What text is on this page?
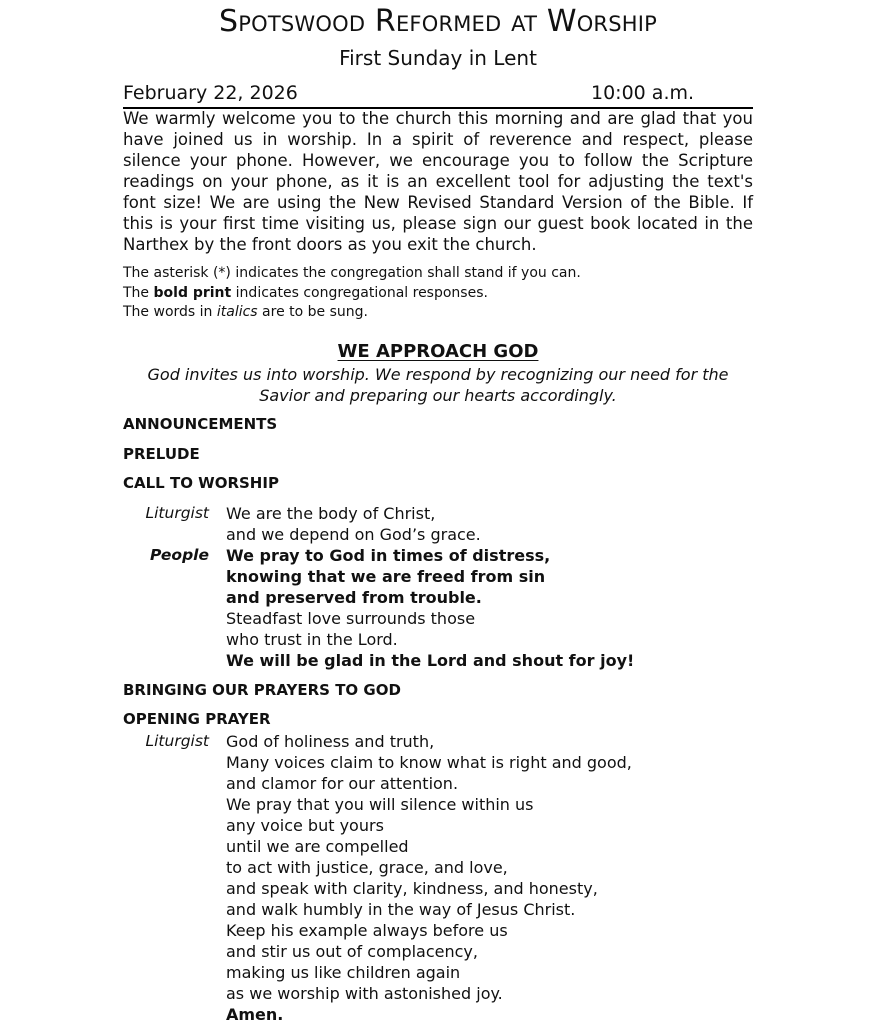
Spotswood Reformed at Worship
First Sunday in Lent
February 22, 2026	10:00 a.m.
We warmly welcome you to the church this morning and are glad that you have joined us in worship. In a spirit of reverence and respect, please silence your phone. However, we encourage you to follow the Scripture readings on your phone, as it is an excellent tool for adjusting the text's font size! We are using the New Revised Standard Version of the Bible. If this is your first time visiting us, please sign our guest book located in the Narthex by the front doors as you exit the church.
The asterisk (*) indicates the congregation shall stand if you can.
The bold print indicates congregational responses.
The words in italics are to be sung.
WE APPROACH GOD
God invites us into worship. We respond by recognizing our need for the Savior and preparing our hearts accordingly.
ANNOUNCEMENTS
PRELUDE
CALL TO WORSHIP
Liturgist
People
We are the body of Christ,
and we depend on God’s grace.
We pray to God in times of distress,
knowing that we are freed from sin
and preserved from trouble.
Steadfast love surrounds those
who trust in the Lord.
We will be glad in the Lord and shout for joy!
BRINGING OUR PRAYERS TO GOD
OPENING PRAYER
Liturgist God of holiness and truth,
Many voices claim to know what is right and good,
and clamor for our attention.
We pray that you will silence within us
any voice but yours
until we are compelled
to act with justice, grace, and love,
and speak with clarity, kindness, and honesty,
and walk humbly in the way of Jesus Christ.
Keep his example always before us
and stir us out of complacency,
making us like children again
as we worship with astonished joy.
Amen.
